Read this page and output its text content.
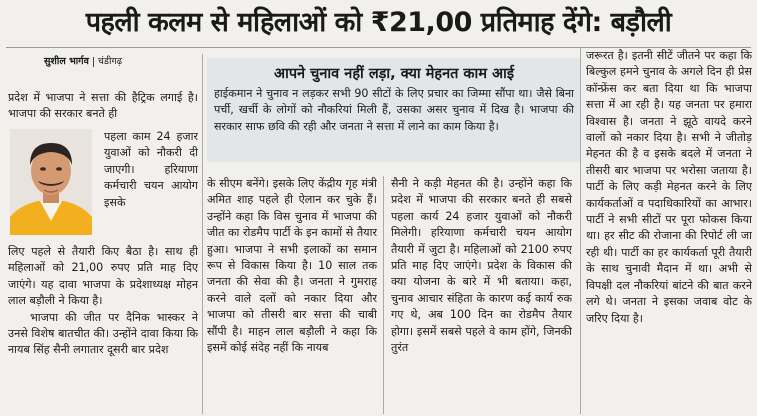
पहली कलम से महिलाओं को ₹21,00 प्रतिमाह देंगे: बड़ौली
सुशील भार्गव चंडीगढ़

प्रदेश में भाजपा ने सत्ता की हैट्रिक लगाई है। भाजपा की सरकार बनते ही

पहला काम 24 हजार युवाओं को नौकरी दी जाएगी। हरियाणा कर्मचारी चयन आयोग इसके

लिए पहले से तैयारी किए बैठा है। साथ ही महिलाओं को 21,00 रुपए प्रति माह दिए जाएंगे। यह दावा भाजपा के प्रदेशाध्यक्ष मोहन लाल बड़ौली ने किया है।

भाजपा की जीत पर दैनिक भास्कर ने उनसे विशेष बातचीत की। उन्होंने दावा किया कि नायब सिंह सैनी लगातार दूसरी बार प्रदेश

आपने चुनाव नहीं लड़ा, क्या मेहनत काम आई
हाईकमान ने चुनाव न लड़कर सभी 90 सीटों के लिए प्रचार का जिम्मा सौंपा था। जैसे बिना पर्ची, खर्ची के लोगों को नौकरियां मिली हैं, उसका असर चुनाव में दिख है। भाजपा की सरकार साफ छवि की रही और जनता ने सत्ता में लाने का काम किया है।

के सीएम बनेंगे। इसके लिए केंद्रीय गृह मंत्री अमित शाह पहले ही ऐलान कर चुके हैं। उन्होंने कहा कि विस चुनाव में भाजपा की जीत का रोडमैप पार्टी के इन कामों से तैयार हुआ। भाजपा ने सभी इलाकों का समान रूप से विकास किया है। 10 साल तक जनता की सेवा की है। जनता ने गुमराह करने वाले दलों को नकार दिया और भाजपा को तीसरी बार सत्ता की चाबी सौंपी है। माहन लाल बड़ौली ने कहा कि इसमें कोई संदेह नहीं कि नायब

सैनी ने कड़ी मेहनत की है। उन्होंने कहा कि प्रदेश में भाजपा की सरकार बनते ही सबसे पहला कार्य 24 हजार युवाओं को नौकरी मिलेगी। हरियाणा कर्मचारी चयन आयोग तैयारी में जुटा है। महिलाओं को 2100 रुपए प्रति माह दिए जाएंगे। प्रदेश के विकास की क्या योजना के बारे में भी बताया। कहा, चुनाव आचार संहिता के कारण कई कार्य रुक गए थे, अब 100 दिन का रोडमैप तैयार होगा। इसमें सबसे पहले वे काम होंगे, जिनकी तुरंत

जरूरत है। इतनी सीटें जीतने पर कहा कि बिल्कुल हमने चुनाव के अगले दिन ही प्रेस कॉन्फ्रेंस कर बता दिया था कि भाजपा सत्ता में आ रही है। यह जनता पर हमारा विश्वास है। जनता ने झूठे वायदे करने वालों को नकार दिया है। सभी ने जीतोड़ मेहनत की है व इसके बदले में जनता ने तीसरी बार भाजपा पर भरोसा जताया है। पार्टी के लिए कड़ी मेहनत करने के लिए कार्यकर्ताओं व पदाधिकारियों का आभार। पार्टी ने सभी सीटों पर पूरा फोकस किया था। हर सीट की रोजाना की रिपोर्ट ली जा रही थी। पार्टी का हर कार्यकर्ता पूरी तैयारी के साथ चुनावी मैदान में था। अभी से विपक्षी दल नौकरियां बांटने की बात करने लगे थे। जनता ने इसका जवाब वोट के जरिए दिया है।
